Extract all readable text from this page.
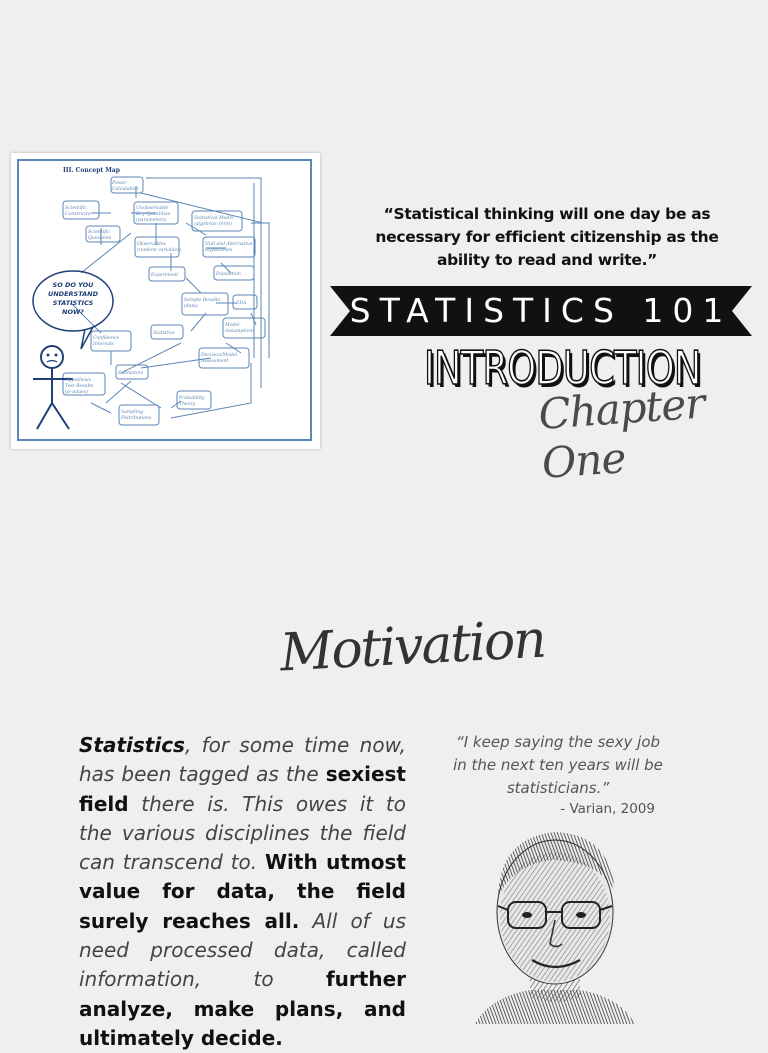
Power
Calculation
Scientific
Constructs
Scientific
Questions
Unobservable
Key Quantities
(parameters)	Statistical Model
(algebraic form)
Observables
(random variables)
Null and Alternative
Hypotheses
Experiment	Population
Sample Results
(data)
EDA
Confidence
Intervals
Model
Assumptions
Statistics
Hypothesis
Test Results
(p-values)
Estimators
Decision/Model
Assessment
Probability
Theory
Sampling
Distributions
SO DO YOU
UNDERSTAND
STATISTICS
NOW?
III. Concept Map
“Statistical thinking will one day be as necessary for efficient citizenship as the ability to read and write.”
STATISTICS 101
INTRODUCTION
Chapter One
Motivation
Statistics, for some time now, has been tagged as the sexiest field there is. This owes it to the various disciplines the field can transcend to. With utmost value for data, the field surely reaches all. All of us need processed data, called information, to further analyze, make plans, and ultimately decide.
“I keep saying the sexy job in the next ten years will be statisticians.”
- Varian, 2009
